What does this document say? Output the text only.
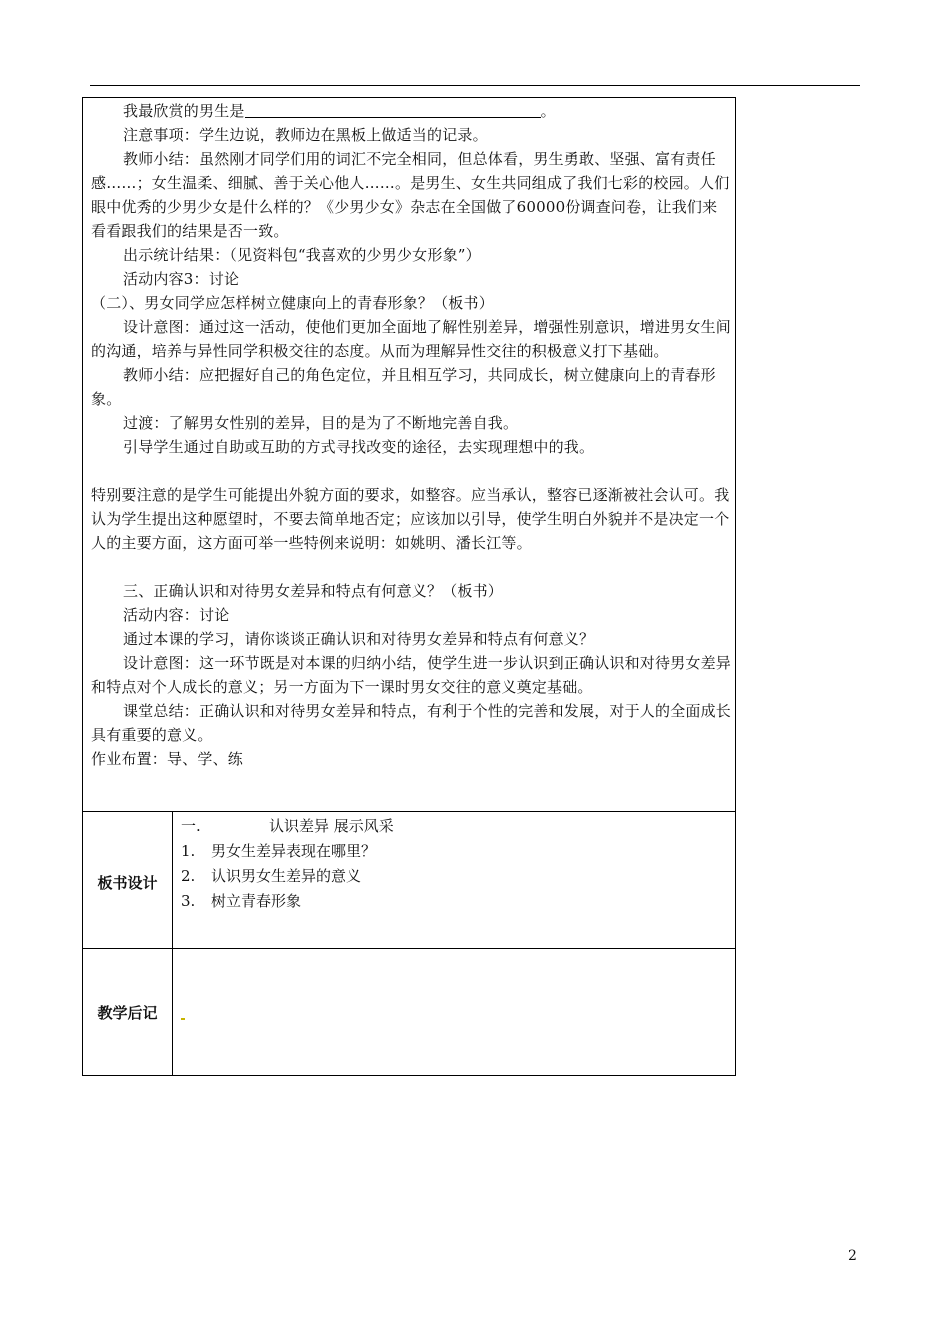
我最欣赏的男生是	。

注意事项：学生边说，教师边在黑板上做适当的记录。

教师小结：虽然刚才同学们用的词汇不完全相同，但总体看，男生勇敢、坚强、富有责任感……；女生温柔、细腻、善于关心他人……。是男生、女生共同组成了我们七彩的校园。人们眼中优秀的少男少女是什么样的？《少男少女》杂志在全国做了60000份调查问卷，让我们来看看跟我们的结果是否一致。

出示统计结果：（见资料包“我喜欢的少男少女形象”）

活动内容3：讨论

（二）、男女同学应怎样树立健康向上的青春形象？（板书）

设计意图：通过这一活动，使他们更加全面地了解性别差异，增强性别意识，增进男女生间的沟通，培养与异性同学积极交往的态度。从而为理解异性交往的积极意义打下基础。

教师小结：应把握好自己的角色定位，并且相互学习，共同成长，树立健康向上的青春形象。

过渡：了解男女性别的差异，目的是为了不断地完善自我。

引导学生通过自助或互助的方式寻找改变的途径，去实现理想中的我。

特别要注意的是学生可能提出外貌方面的要求，如整容。应当承认，整容已逐渐被社会认可。我认为学生提出这种愿望时，不要去简单地否定；应该加以引导，使学生明白外貌并不是决定一个人的主要方面，这方面可举一些特例来说明：如姚明、潘长江等。

三、正确认识和对待男女差异和特点有何意义？（板书）

活动内容：讨论

通过本课的学习，请你谈谈正确认识和对待男女差异和特点有何意义？

设计意图：这一环节既是对本课的归纳小结，使学生进一步认识到正确认识和对待男女差异和特点对个人成长的意义；另一方面为下一课时男女交往的意义奠定基础。

课堂总结：正确认识和对待男女差异和特点，有利于个性的完善和发展，对于人的全面成长具有重要的意义。

作业布置：导、学、练

板书设计

一.	认识差异 展示风采

1. 男女生差异表现在哪里？

2. 认识男女生差异的意义

3. 树立青春形象

教学后记
2
